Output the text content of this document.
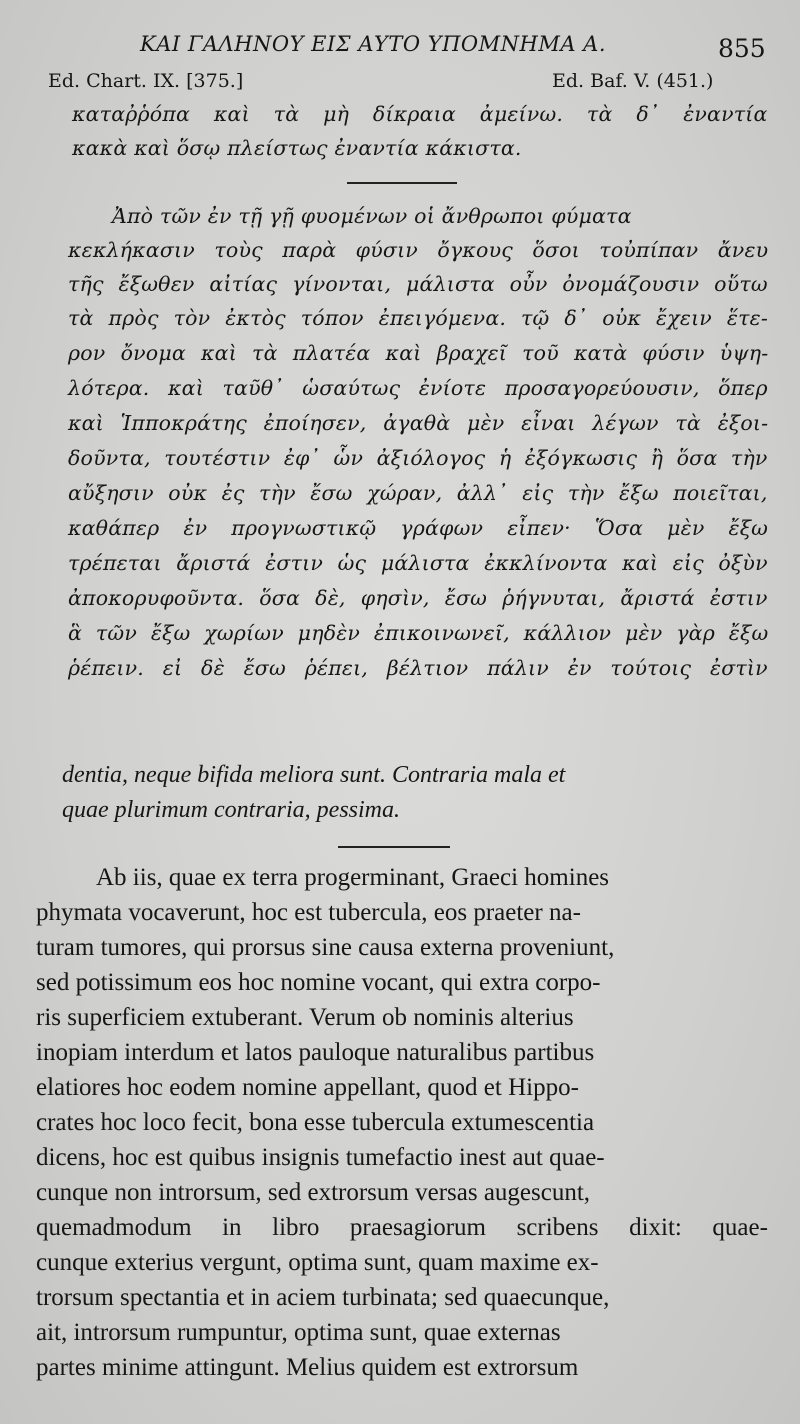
ΚΑΙ ΓΑΛΗΝΟΥ ΕΙΣ ΑΥΤΟ ΥΠΟΜΝΗΜΑ Α.	855
Ed. Chart. IX. [375.]	Ed. Baf. V. (451.)
καταῤῥόπα καὶ τὰ μὴ δίκραια ἀμείνω. τὰ δ᾽ ἐναντία
κακὰ καὶ ὅσῳ πλείστως ἐναντία κάκιστα.
Ἀπὸ τῶν ἐν τῇ γῇ φυομένων οἱ ἄνθρωποι φύματα
κεκλήκασιν τοὺς παρὰ φύσιν ὄγκους ὅσοι τοὐπίπαν ἄνευ
τῆς ἔξωθεν αἰτίας γίνονται, μάλιστα οὖν ὀνομάζουσιν οὕτω
τὰ πρὸς τὸν ἐκτὸς τόπον ἐπειγόμενα. τῷ δ᾽ οὐκ ἔχειν ἕτε-
ρον ὄνομα καὶ τὰ πλατέα καὶ βραχεῖ τοῦ κατὰ φύσιν ὑψη-
λότερα. καὶ ταῦθ᾽ ὡσαύτως ἐνίοτε προσαγορεύουσιν, ὅπερ
καὶ Ἱπποκράτης ἐποίησεν, ἀγαθὰ μὲν εἶναι λέγων τὰ ἐξοι-
δοῦντα, τουτέστιν ἐφ᾽ ὧν ἀξιόλογος ἡ ἐξόγκωσις ἢ ὅσα τὴν
αὔξησιν οὐκ ἐς τὴν ἔσω χώραν, ἀλλ᾽ εἰς τὴν ἔξω ποιεῖται,
καθάπερ ἐν προγνωστικῷ γράφων εἶπεν· Ὅσα μὲν ἔξω
τρέπεται ἄριστά ἐστιν ὡς μάλιστα ἐκκλίνοντα καὶ εἰς ὀξὺν
ἀποκορυφοῦντα. ὅσα δὲ, φησὶν, ἔσω ῥήγνυται, ἄριστά ἐστιν
ἃ τῶν ἔξω χωρίων μηδὲν ἐπικοινωνεῖ, κάλλιον μὲν γὰρ ἔξω
ῥέπειν. εἰ δὲ ἔσω ῥέπει, βέλτιον πάλιν ἐν τούτοις ἐστὶν
dentia, neque bifida meliora sunt. Contraria mala et
quae plurimum contraria, pessima.
Ab iis, quae ex terra progerminant, Graeci homines
phymata vocaverunt, hoc est tubercula, eos praeter na-
turam tumores, qui prorsus sine causa externa proveniunt,
sed potissimum eos hoc nomine vocant, qui extra corpo-
ris superficiem extuberant. Verum ob nominis alterius
inopiam interdum et latos pauloque naturalibus partibus
elatiores hoc eodem nomine appellant, quod et Hippo-
crates hoc loco fecit, bona esse tubercula extumescentia
dicens, hoc est quibus insignis tumefactio inest aut quae-
cunque non introrsum, sed extrorsum versas augescunt,
quemadmodum in libro praesagiorum scribens dixit: quae-
cunque exterius vergunt, optima sunt, quam maxime ex-
trorsum spectantia et in aciem turbinata; sed quaecunque,
ait, introrsum rumpuntur, optima sunt, quae externas
partes minime attingunt. Melius quidem est extrorsum
